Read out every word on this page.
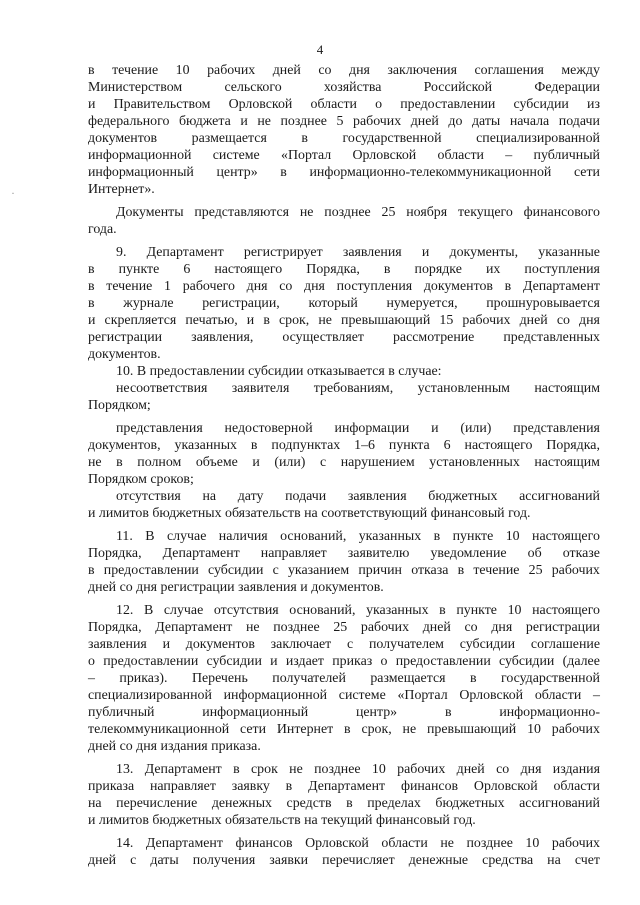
4
·
в течение 10 рабочих дней со дня заключения соглашения между
Министерством	сельского	хозяйства	Российской	Федерации
и Правительством Орловской области о предоставлении субсидии из
федерального бюджета и не позднее 5 рабочих дней до даты начала подачи
документов размещается в государственной специализированной
информационной системе «Портал Орловской области – публичный
информационный центр» в информационно-телекоммуникационной сети
Интернет».
Документы представляются не позднее 25 ноября текущего финансового
года.
9. Департамент регистрирует заявления и документы, указанные
в пункте 6 настоящего Порядка, в порядке их поступления
в течение 1 рабочего дня со дня поступления документов в Департамент
в журнале регистрации, который нумеруется, прошнуровывается
и скрепляется печатью, и в срок, не превышающий 15 рабочих дней со дня
регистрации заявления, осуществляет рассмотрение представленных
документов.
10. В предоставлении субсидии отказывается в случае:
несоответствия заявителя требованиям, установленным настоящим
Порядком;
представления недостоверной информации и (или) представления
документов, указанных в подпунктах 1–6 пункта 6 настоящего Порядка,
не в полном объеме и (или) с нарушением установленных настоящим
Порядком сроков;
отсутствия на дату подачи заявления бюджетных ассигнований
и лимитов бюджетных обязательств на соответствующий финансовый год.
11. В случае наличия оснований, указанных в пункте 10 настоящего
Порядка, Департамент направляет заявителю уведомление об отказе
в предоставлении субсидии с указанием причин отказа в течение 25 рабочих
дней со дня регистрации заявления и документов.
12. В случае отсутствия оснований, указанных в пункте 10 настоящего
Порядка, Департамент не позднее 25 рабочих дней со дня регистрации
заявления и документов заключает с получателем субсидии соглашение
о предоставлении субсидии и издает приказ о предоставлении субсидии (далее
– приказ). Перечень получателей размещается в государственной
специализированной информационной системе «Портал Орловской области –
публичный	информационный	центр»	в	информационно-
телекоммуникационной сети Интернет в срок, не превышающий 10 рабочих
дней со дня издания приказа.
13. Департамент в срок не позднее 10 рабочих дней со дня издания
приказа направляет заявку в Департамент финансов Орловской области
на перечисление денежных средств в пределах бюджетных ассигнований
и лимитов бюджетных обязательств на текущий финансовый год.
14. Департамент финансов Орловской области не позднее 10 рабочих
дней с даты получения заявки перечисляет денежные средства на счет
